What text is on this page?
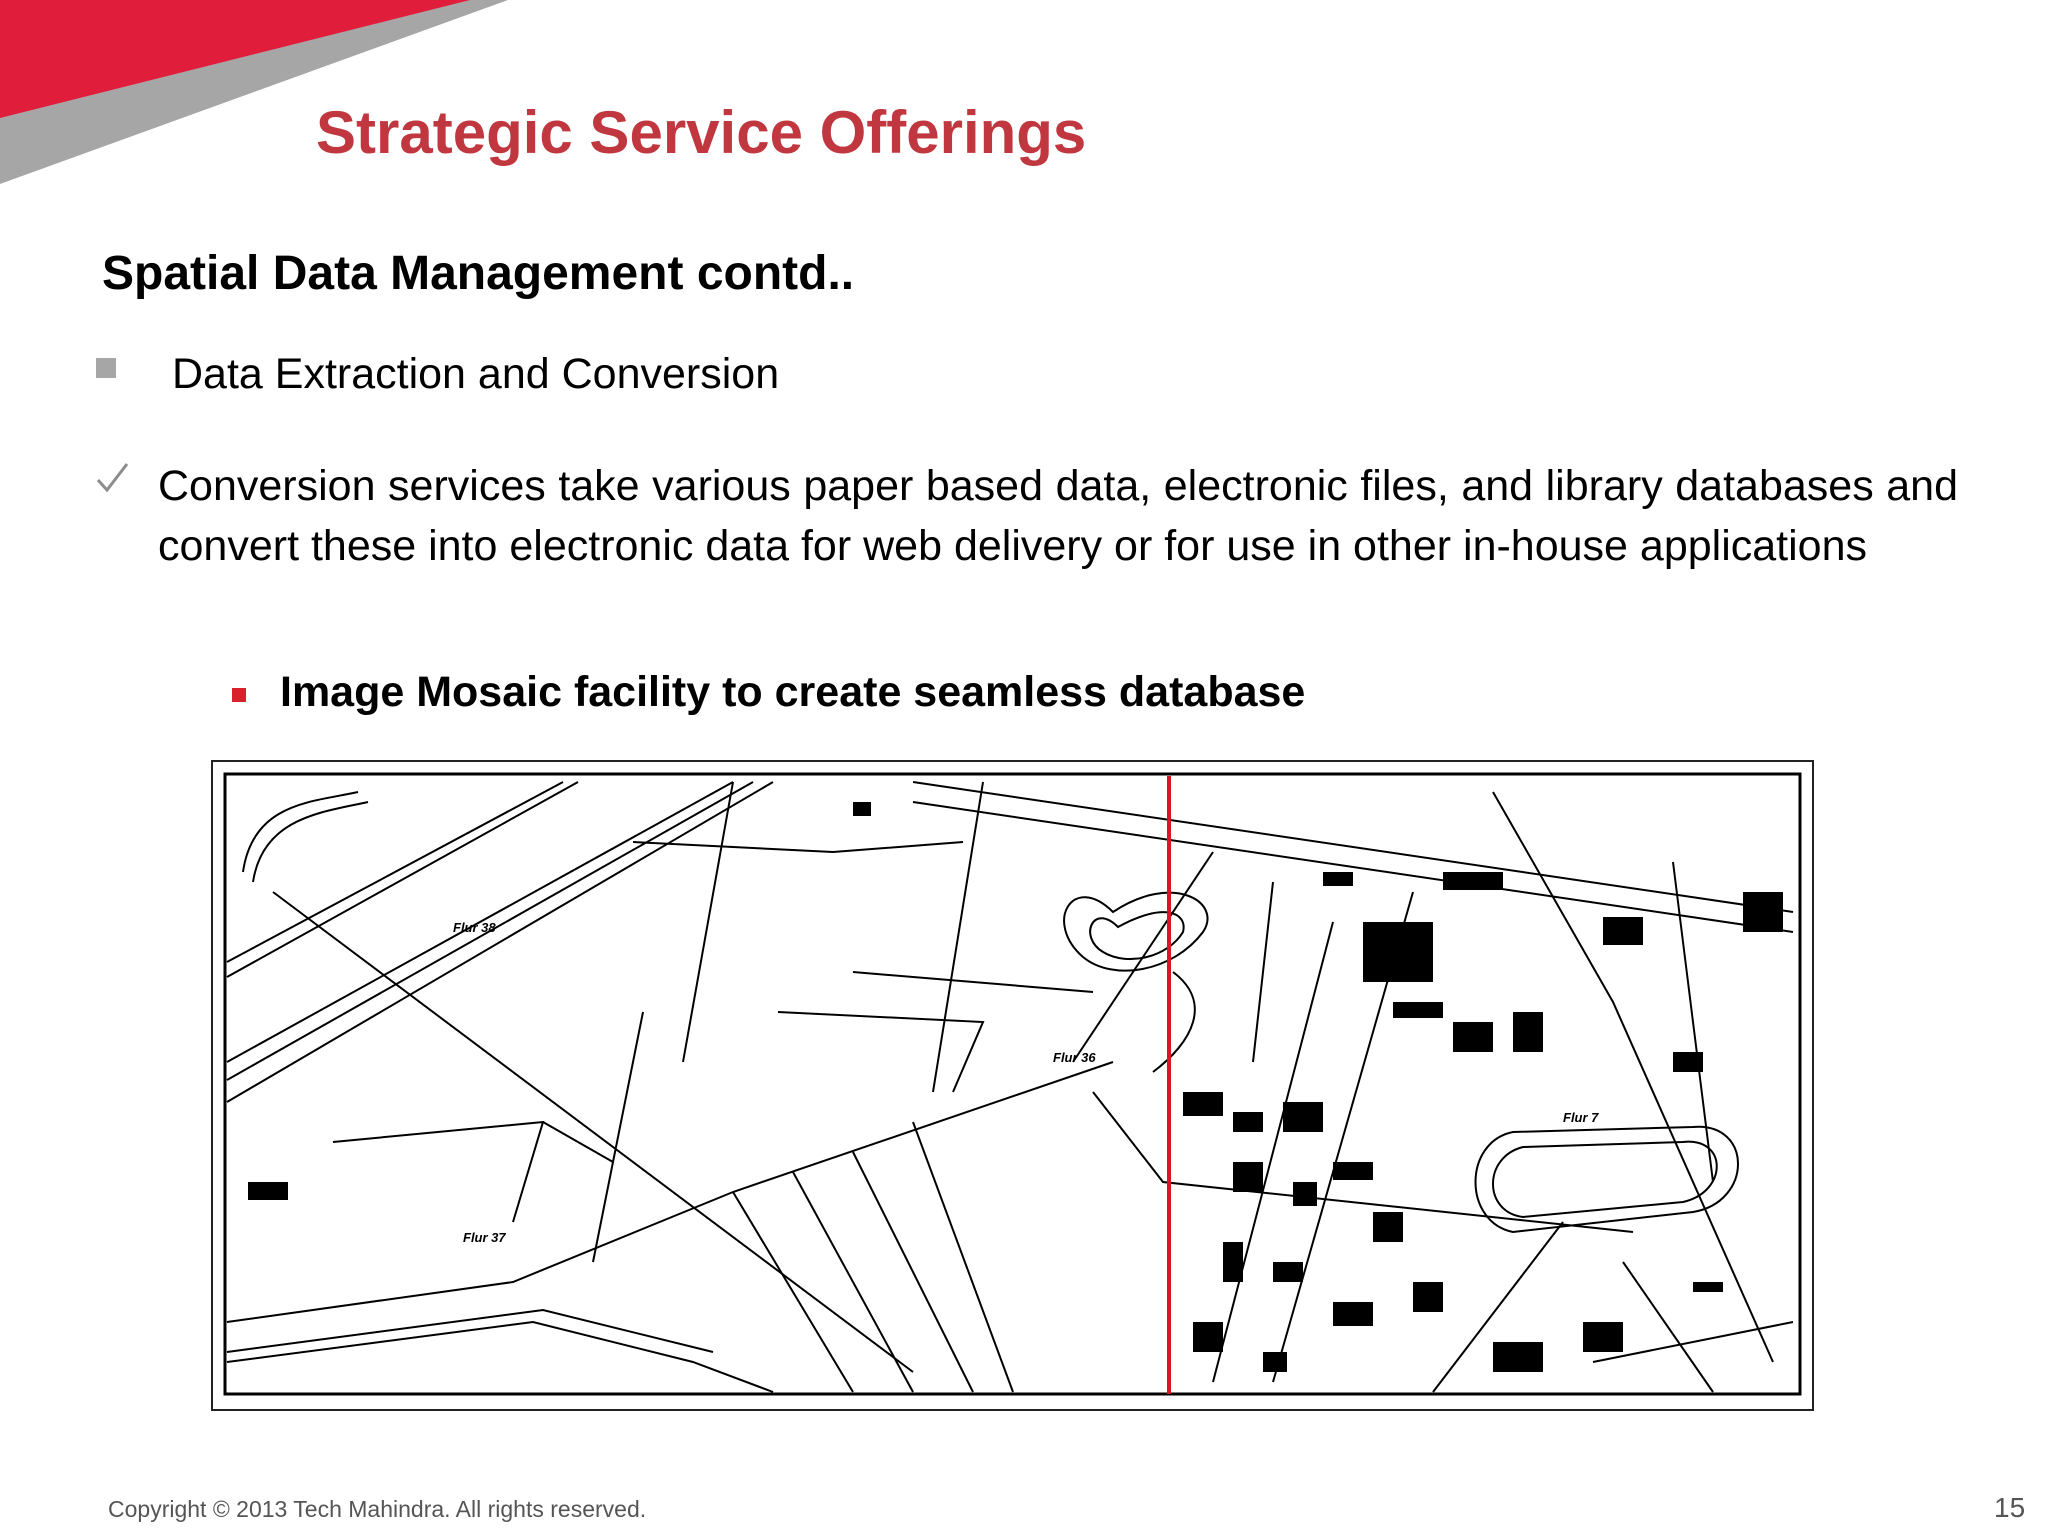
Strategic Service Offerings
Spatial Data Management contd..
Data Extraction and Conversion

Conversion services take various paper based data, electronic files, and library databases and convert these into electronic data for web delivery or for use in other in-house applications

Image Mosaic facility to create seamless database
Flur 38
Flur 37
Flur 36
Flur 7
Copyright © 2013 Tech Mahindra. All rights reserved.	15
